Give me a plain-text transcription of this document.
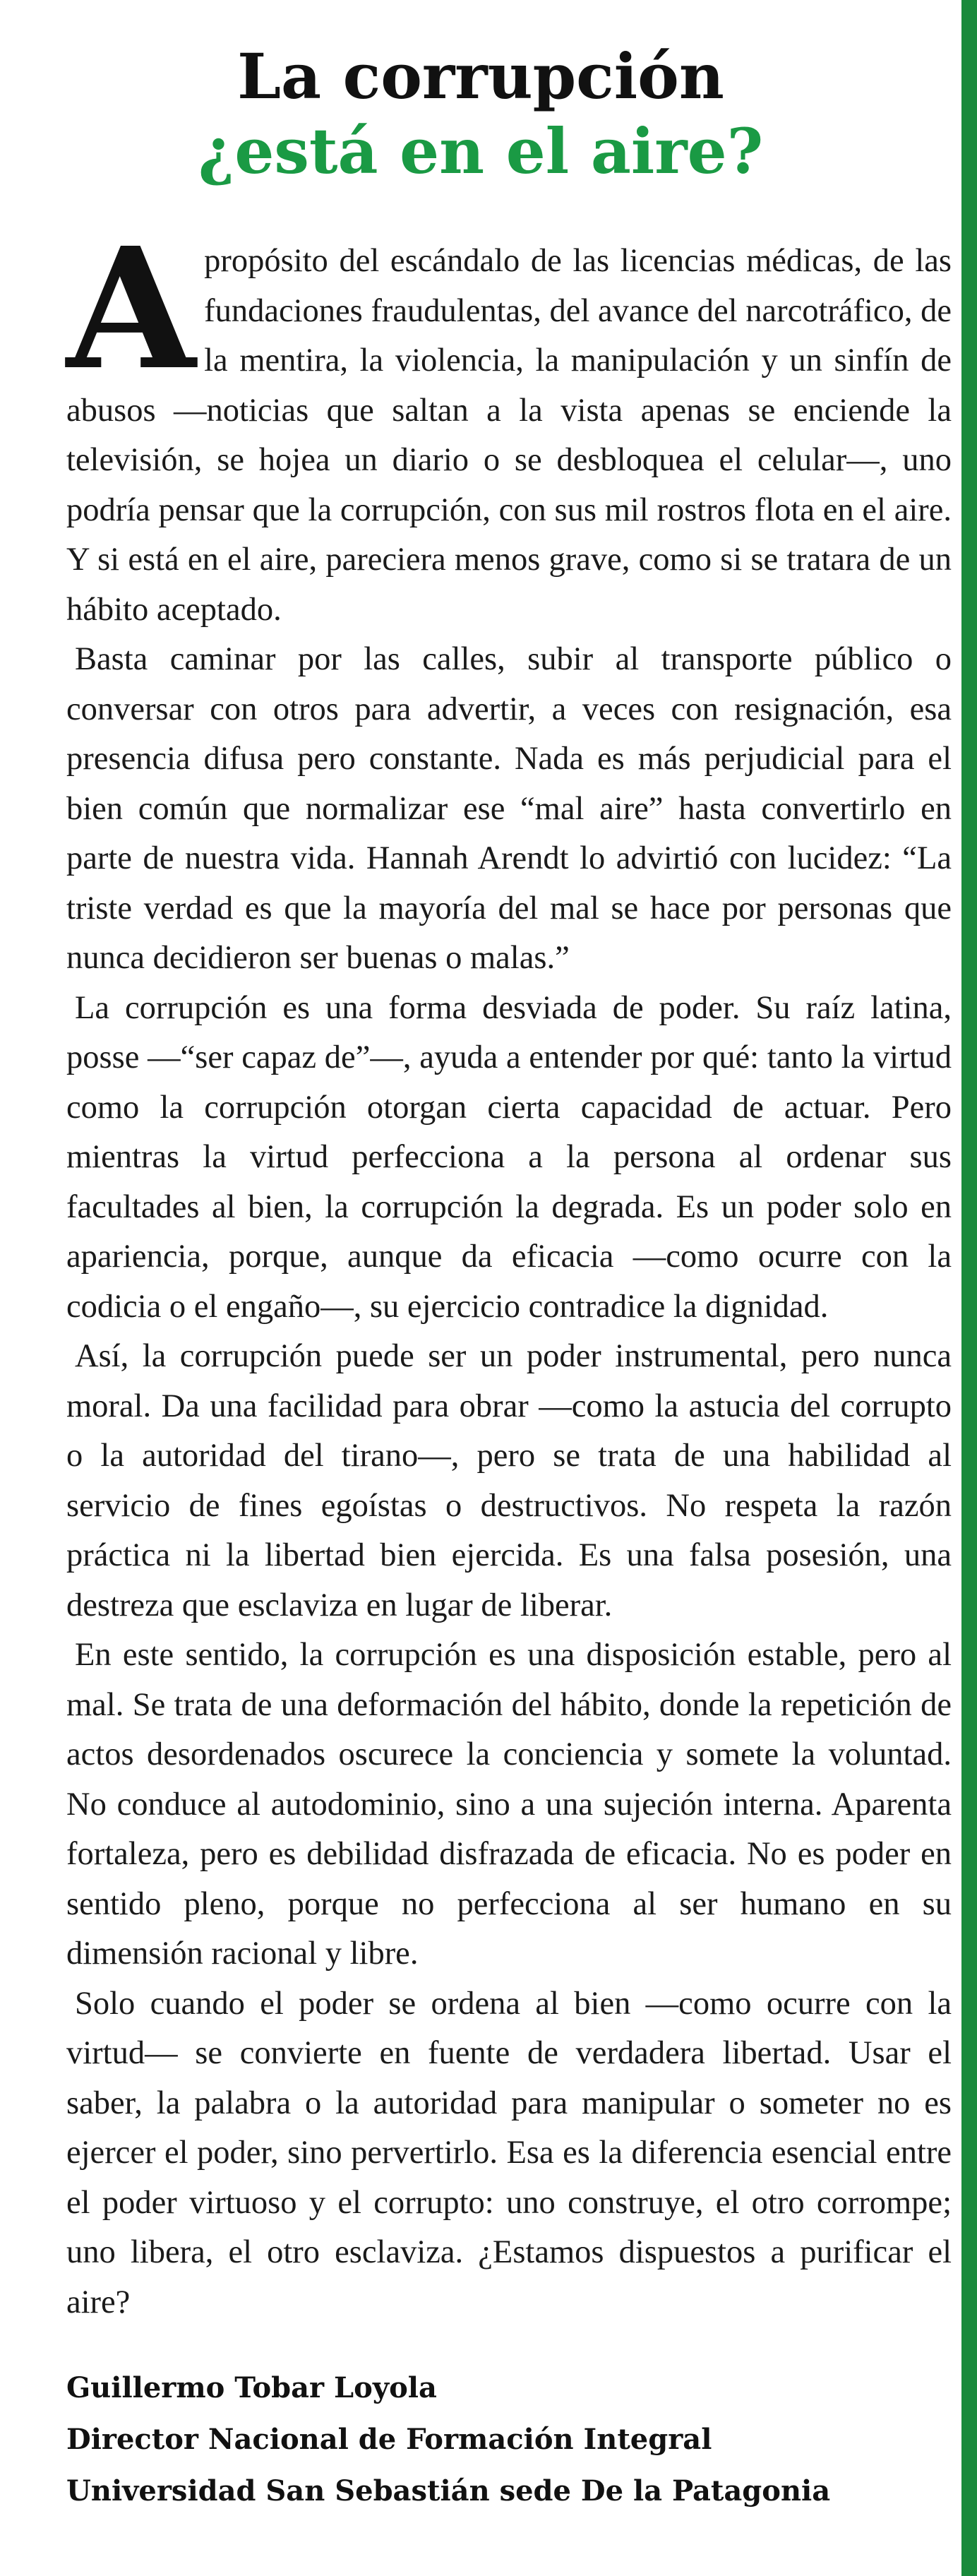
La corrupción
¿está en el aire?

Apropósito del escándalo de las licencias médicas, de las fundaciones fraudulentas, del avance del narcotráfico, de la mentira, la violencia, la manipulación y un sinfín de abusos —noticias que saltan a la vista apenas se enciende la televisión, se hojea un diario o se desbloquea el celular—, uno podría pensar que la corrupción, con sus mil rostros flota en el aire. Y si está en el aire, pareciera menos grave, como si se tratara de un hábito aceptado.

Basta caminar por las calles, subir al transporte público o conversar con otros para advertir, a veces con resignación, esa presencia difusa pero constante. Nada es más perjudicial para el bien común que normalizar ese “mal aire” hasta convertirlo en parte de nuestra vida. Hannah Arendt lo advirtió con lucidez: “La triste verdad es que la mayoría del mal se hace por personas que nunca decidieron ser buenas o malas.”

La corrupción es una forma desviada de poder. Su raíz latina, posse —“ser capaz de”—, ayuda a entender por qué: tanto la virtud como la corrupción otorgan cierta capacidad de actuar. Pero mientras la virtud perfecciona a la persona al ordenar sus facultades al bien, la corrupción la degrada. Es un poder solo en apariencia, porque, aunque da eficacia —como ocurre con la codicia o el engaño—, su ejercicio contradice la dignidad.

Así, la corrupción puede ser un poder instrumental, pero nunca moral. Da una facilidad para obrar —como la astucia del corrupto o la autoridad del tirano—, pero se trata de una habilidad al servicio de fines egoístas o destructivos. No respeta la razón práctica ni la libertad bien ejercida. Es una falsa posesión, una destreza que esclaviza en lugar de liberar.

En este sentido, la corrupción es una disposición estable, pero al mal. Se trata de una deformación del hábito, donde la repetición de actos desordenados oscurece la conciencia y somete la voluntad. No conduce al autodominio, sino a una sujeción interna. Aparenta fortaleza, pero es debilidad disfrazada de eficacia. No es poder en sentido pleno, porque no perfecciona al ser humano en su dimensión racional y libre.

Solo cuando el poder se ordena al bien —como ocurre con la virtud— se convierte en fuente de verdadera libertad. Usar el saber, la palabra o la autoridad para manipular o someter no es ejercer el poder, sino pervertirlo. Esa es la diferencia esencial entre el poder virtuoso y el corrupto: uno construye, el otro corrompe; uno libera, el otro esclaviza. ¿Estamos dispuestos a purificar el aire?

Guillermo Tobar Loyola
Director Nacional de Formación Integral
Universidad San Sebastián sede De la Patagonia
